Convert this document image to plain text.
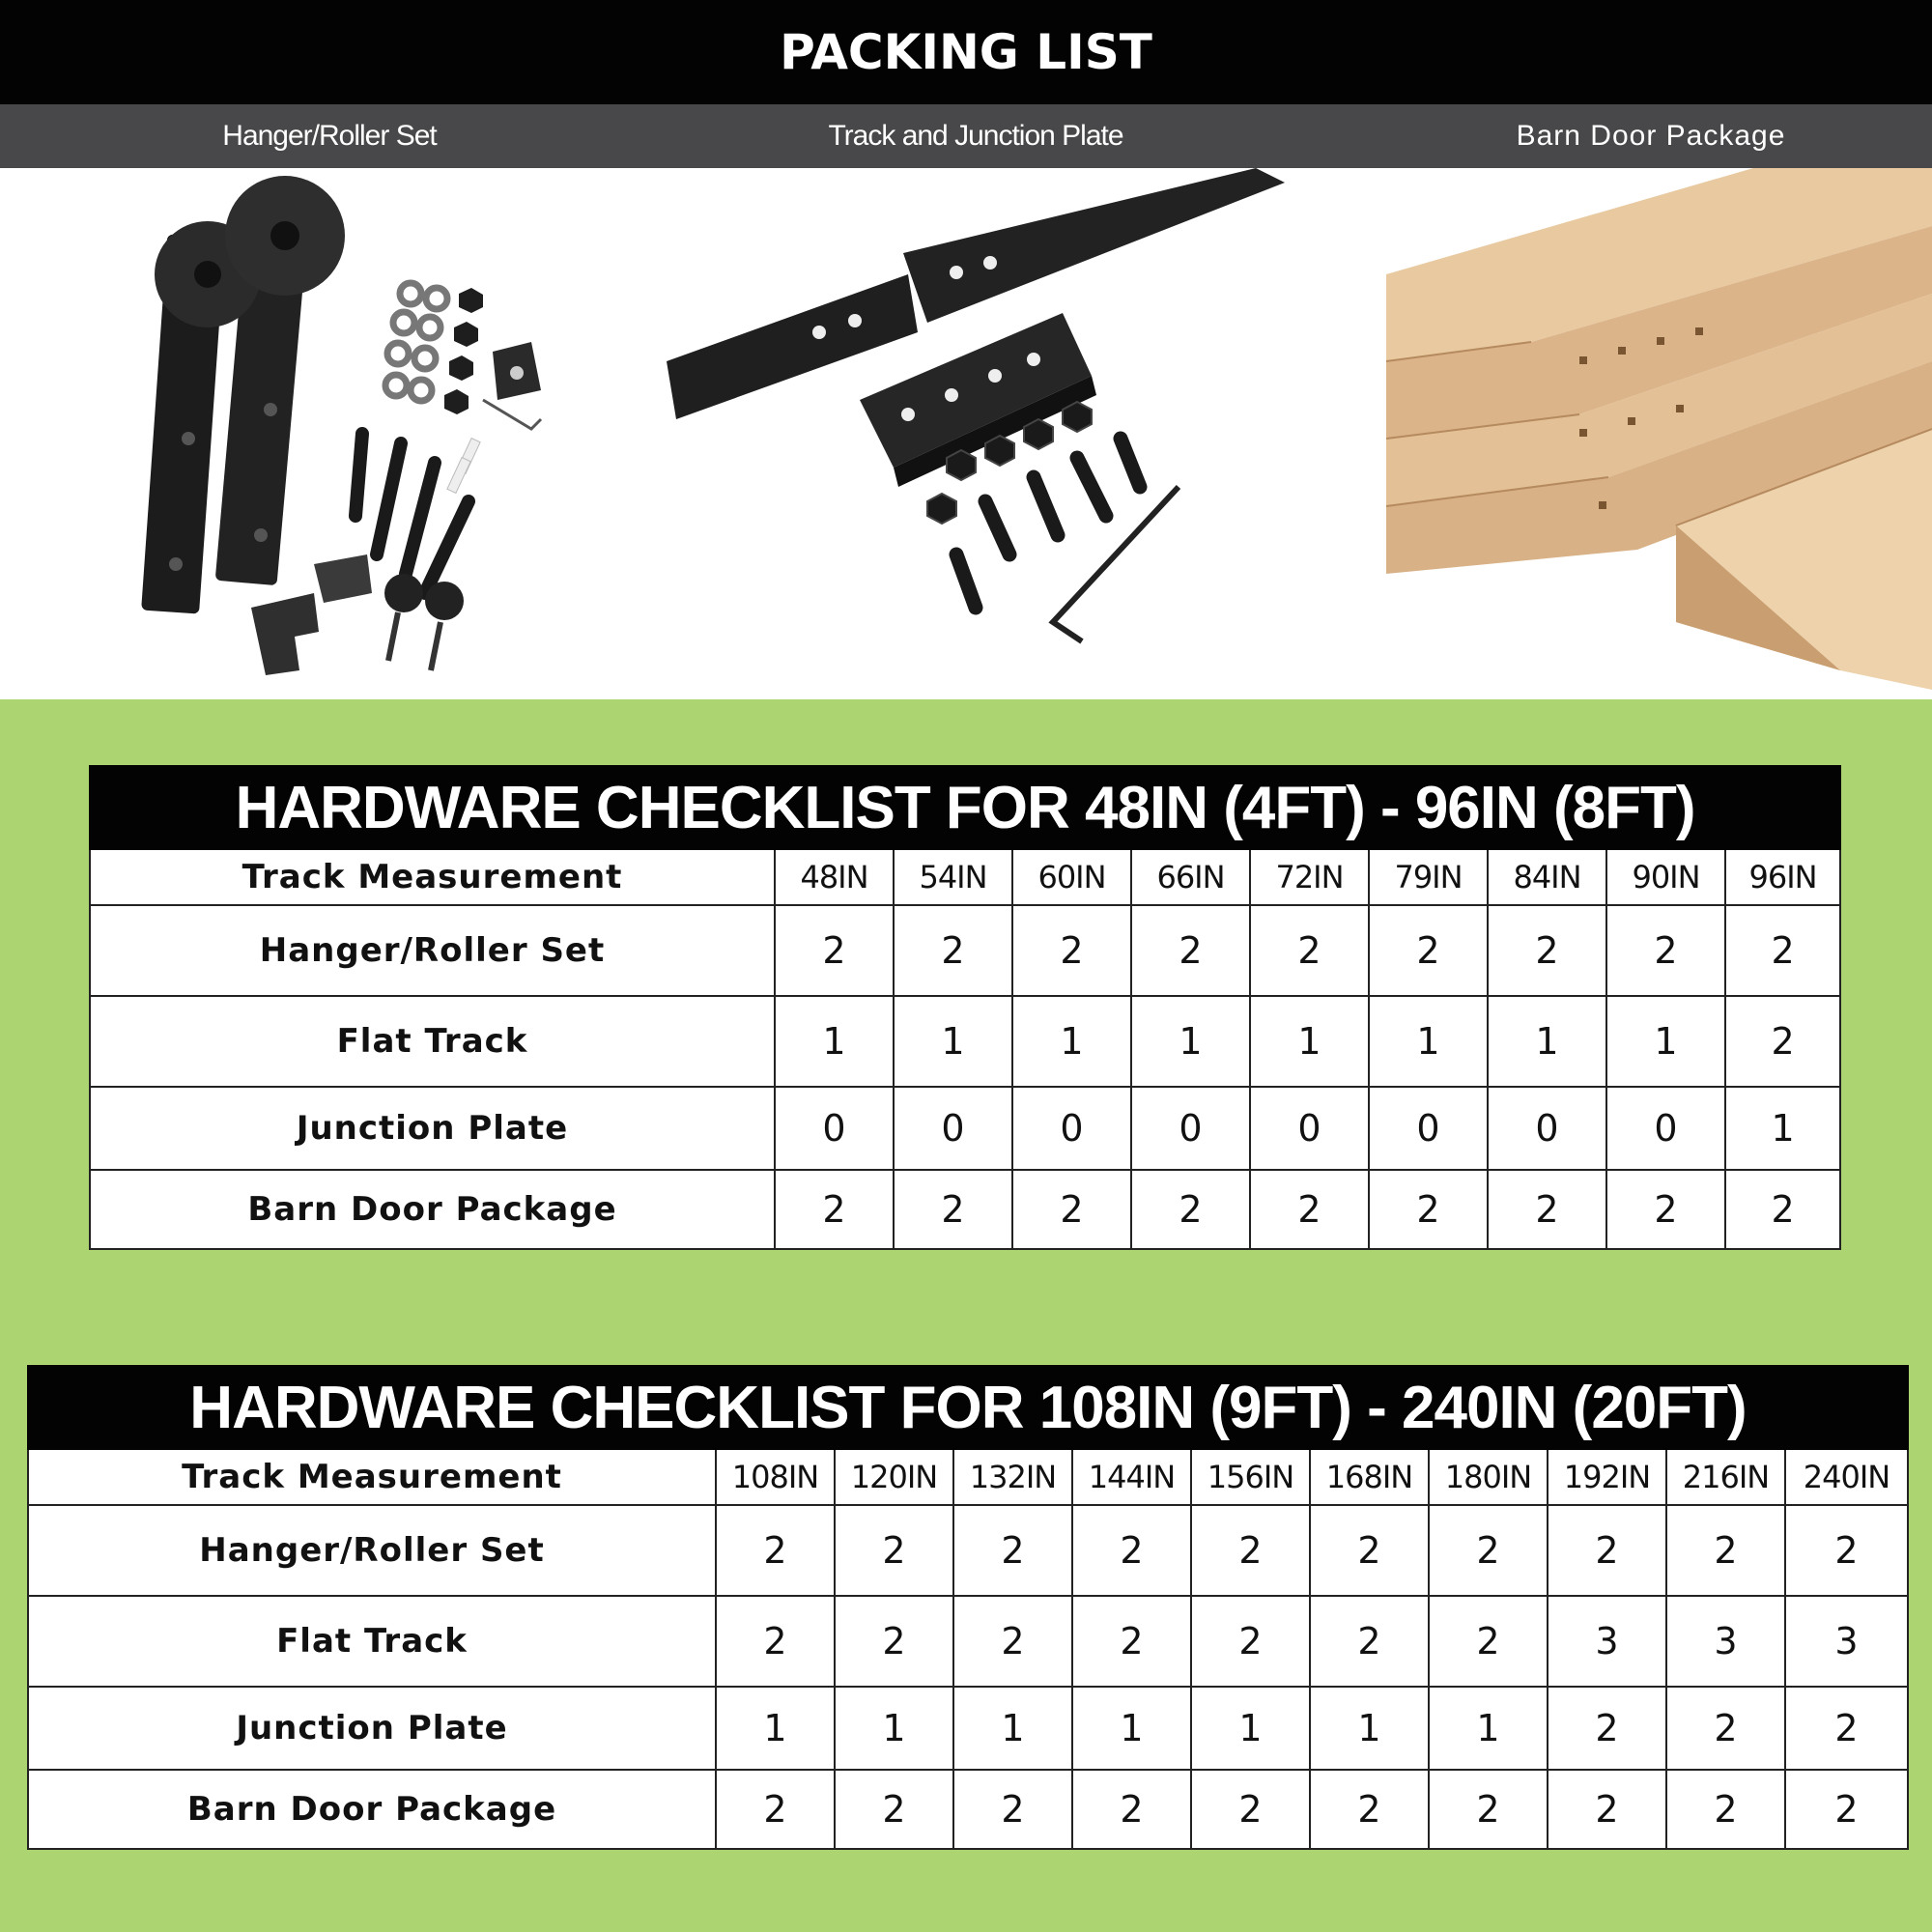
PACKING LIST
Hanger/Roller Set	Track and Junction Plate	Barn Door Package
HARDWARE CHECKLIST FOR 48IN (4FT) - 96IN (8FT)									
Track Measurement	48IN	54IN	60IN	66IN	72IN	79IN	84IN	90IN	96IN
Hanger/Roller Set	2	2	2	2	2	2	2	2	2
Flat Track	1	1	1	1	1	1	1	1	2
Junction Plate	0	0	0	0	0	0	0	0	1
Barn Door Package	2	2	2	2	2	2	2	2	2
HARDWARE CHECKLIST FOR 108IN (9FT) - 240IN (20FT)										
Track Measurement	108IN	120IN	132IN	144IN	156IN	168IN	180IN	192IN	216IN	240IN
Hanger/Roller Set	2	2	2	2	2	2	2	2	2	2
Flat Track	2	2	2	2	2	2	2	3	3	3
Junction Plate	1	1	1	1	1	1	1	2	2	2
Barn Door Package	2	2	2	2	2	2	2	2	2	2
